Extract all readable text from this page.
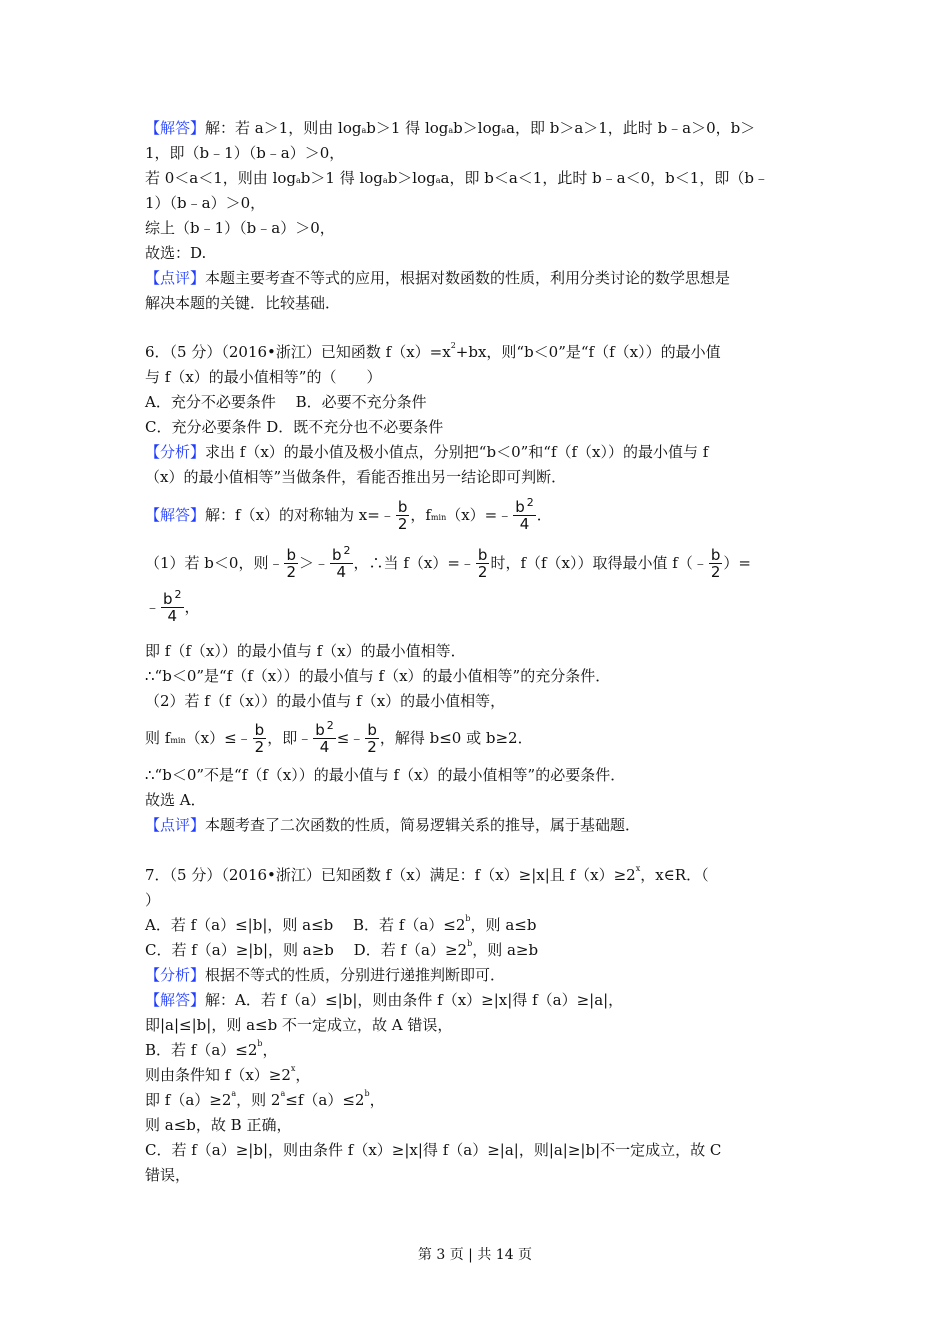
【解答】 解：若 a＞1，则由 log a b＞1 得 log a b＞log a a，即 b＞a＞1，此时 b﹣a＞0，b＞
1，即（b﹣1）（b﹣a）＞0，
若 0＜a＜1，则由 log a b＞1 得 log a b＞log a a，即 b＜a＜1，此时 b﹣a＜0，b＜1，即（b﹣
1）（b﹣a）＞0，
综上（b﹣1）（b﹣a）＞0，
故选：D.
【点评】 本题主要考查不等式的应用，根据对数函数的性质，利用分类讨论的数学思想是
解决本题的关键．比较基础．
6．（5 分）（2016•浙江）已知函数 f（x）=x 2 +bx，则“b＜0”是“f（f（x））的最小值
与 f（x）的最小值相等”的（　　）
A．充分不必要条件　 B．必要不充分条件
C．充分必要条件 D．既不充分也不必要条件
【分析】 求出 f（x）的最小值及极小值点，分别把“b＜0”和“f（f（x））的最小值与 f
（x）的最小值相等”当做条件，看能否推出另一结论即可判断．
【解答】 解：f（x）的对称轴为 x=﹣ $\frac{b}{2}$ ，f min （x）=﹣ $\frac{b ^2}{4}$ ．
（1）若 b＜0，则﹣ $\frac{b}{2}$ ＞﹣ $\frac{b ^2}{4}$ ，∴当 f（x）=﹣ $\frac{b}{2}$ 时，f（f（x））取得最小值 f（﹣ $\frac{b}{2}$ ）=
﹣ $\frac{b ^2}{4}$ ，
即 f（f（x））的最小值与 f（x）的最小值相等．
∴“b＜0”是“f（f（x））的最小值与 f（x）的最小值相等”的充分条件．
（2）若 f（f（x））的最小值与 f（x）的最小值相等，
则 f min （x）≤﹣ $\frac{b}{2}$ ，即﹣ $\frac{b ^2}{4}$ ≤﹣ $\frac{b}{2}$ ，解得 b≤0 或 b≥2．
∴“b＜0”不是“f（f（x））的最小值与 f（x）的最小值相等”的必要条件．
故选 A．
【点评】 本题考查了二次函数的性质，简易逻辑关系的推导，属于基础题．
7．（5 分）（2016•浙江）已知函数 f（x）满足：f（x）≥|x|且 f（x）≥2 x ，x∈R．（
）
A．若 f（a）≤|b|，则 a≤b　 B．若 f（a）≤2 b ，则 a≤b
C．若 f（a）≥|b|，则 a≥b　 D．若 f（a）≥2 b ，则 a≥b
【分析】 根据不等式的性质，分别进行递推判断即可．
【解答】 解：A．若 f（a）≤|b|，则由条件 f（x）≥|x|得 f（a）≥|a|，
即|a|≤|b|，则 a≤b 不一定成立，故 A 错误，
B．若 f（a）≤2 b ，
则由条件知 f（x）≥2 x ，
即 f（a）≥2 a ，则 2 a ≤f（a）≤2 b ，
则 a≤b，故 B 正确，
C．若 f（a）≥|b|，则由条件 f（x）≥|x|得 f（a）≥|a|，则|a|≥|b|不一定成立，故 C
错误，
第 3 页 | 共 14 页
